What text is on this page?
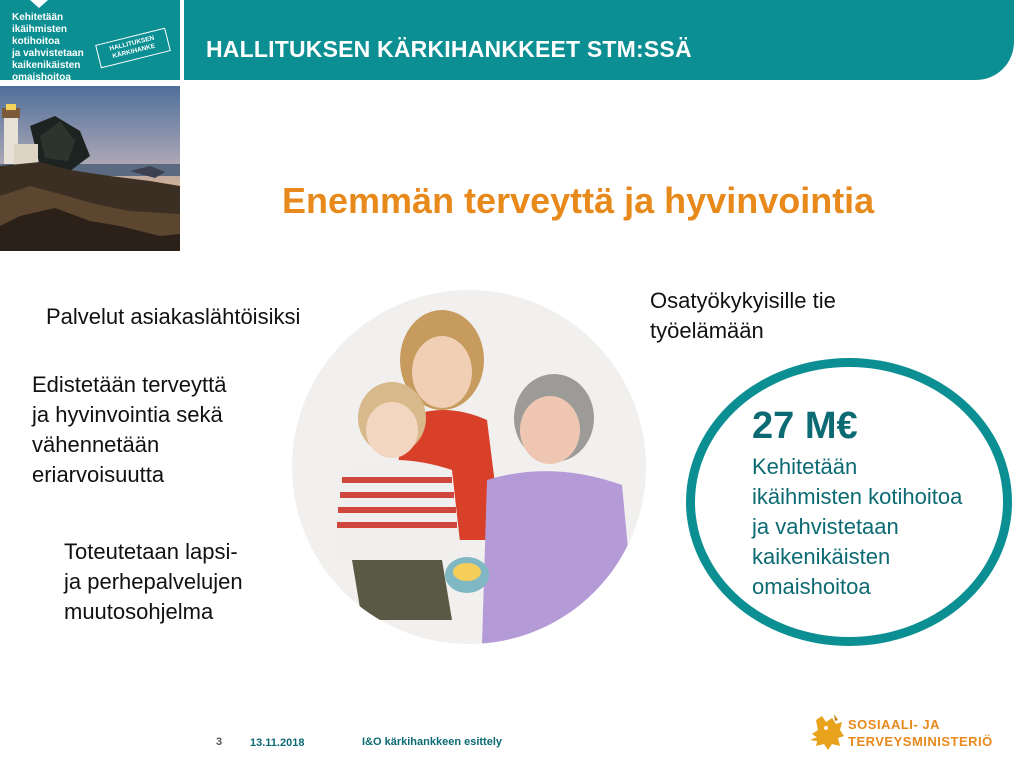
Kehitetään ikäihmisten
kotihoitoa
ja vahvistetaan
kaikenikäisten
omaishoitoa
HALLITUKSEN
KÄRKIHANKE	HALLITUKSEN KÄRKIHANKKEET STM:SSÄ
Enemmän terveyttä ja hyvinvointia
Palvelut asiakaslähtöisiksi
Edistetään terveyttä
ja hyvinvointia sekä
vähennetään
eriarvoisuutta
Toteutetaan lapsi-
ja perhepalvelujen
muutosohjelma
Osatyökykyisille tie
työelämään
27 M€
Kehitetään
ikäihmisten kotihoitoa
ja vahvistetaan
kaikenikäisten
omaishoitoa
3	13.11.2018	I&O kärkihankkeen esittely
SOSIAALI- JA
TERVEYSMINISTERIÖ
